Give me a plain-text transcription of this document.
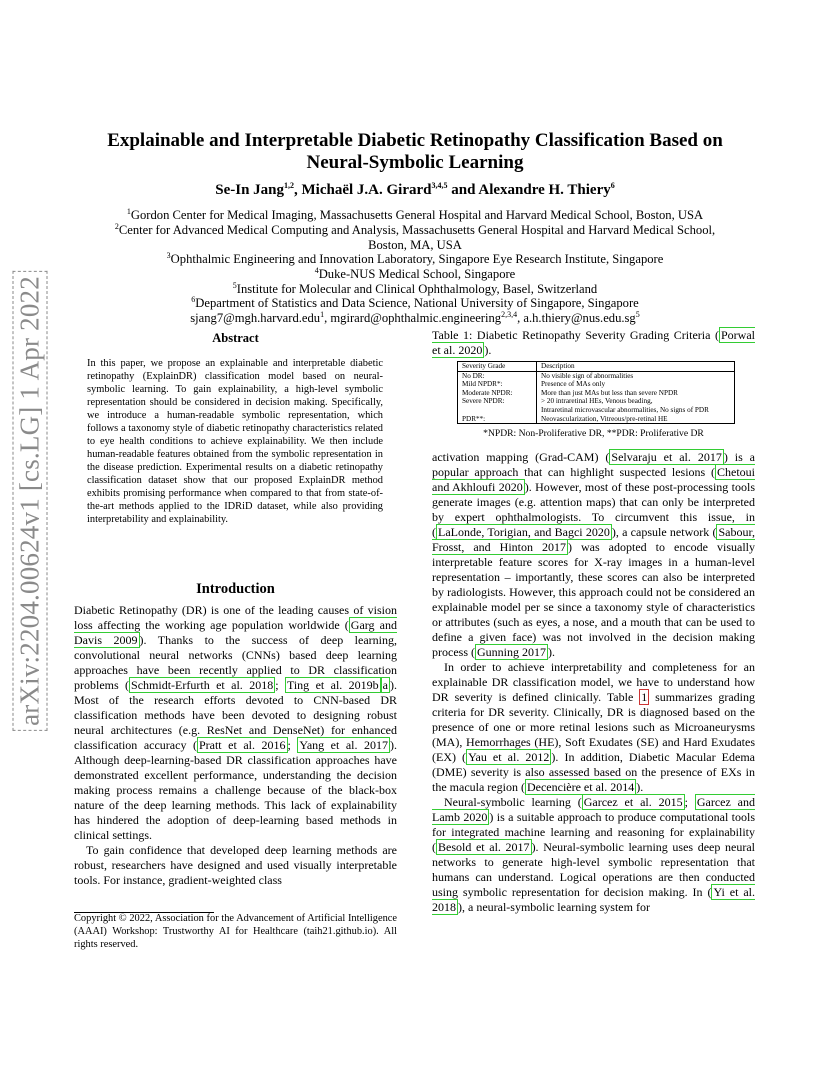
arXiv:2204.00624v1 [cs.LG] 1 Apr 2022
Explainable and Interpretable Diabetic Retinopathy Classification Based on Neural-Symbolic Learning
Se-In Jang$^{1,2}$, Michaël J.A. Girard$^{3,4,5}$ and Alexandre H. Thiery$^6$
$^1$Gordon Center for Medical Imaging, Massachusetts General Hospital and Harvard Medical School, Boston, USA
$^2$Center for Advanced Medical Computing and Analysis, Massachusetts General Hospital and Harvard Medical School, Boston, MA, USA
$^3$Ophthalmic Engineering and Innovation Laboratory, Singapore Eye Research Institute, Singapore
$^4$Duke-NUS Medical School, Singapore
$^5$Institute for Molecular and Clinical Ophthalmology, Basel, Switzerland
$^6$Department of Statistics and Data Science, National University of Singapore, Singapore
sjang7@mgh.harvard.edu$^1$, mgirard@ophthalmic.engineering$^{2,3,4}$, $a.h.thiery@nus.edu.sg^5$
Abstract
In this paper, we propose an explainable and interpretable diabetic retinopathy (ExplainDR) classification model based on neural-symbolic learning. To gain explainability, a high-level symbolic representation should be considered in decision making. Specifically, we introduce a human-readable symbolic representation, which follows a taxonomy style of diabetic retinopathy characteristics related to eye health conditions to achieve explainability. We then include human-readable features obtained from the symbolic representation in the disease prediction. Experimental results on a diabetic retinopathy classification dataset show that our proposed ExplainDR method exhibits promising performance when compared to that from state-of-the-art methods applied to the IDRiD dataset, while also providing interpretability and explainability.
Introduction

Diabetic Retinopathy (DR) is one of the leading causes of vision loss affecting the working age population worldwide ( Garg and Davis 2009 ). Thanks to the success of deep learning, convolutional neural networks (CNNs) based deep learning approaches have been recently applied to DR classification problems ( Schmidt-Erfurth et al. 2018 ; Ting et al. 2019b a ). Most of the research efforts devoted to CNN-based DR classification methods have been devoted to designing robust neural architectures (e.g. ResNet and DenseNet) for enhanced classification accuracy ( Pratt et al. 2016 ; Yang et al. 2017 ). Although deep-learning-based DR classification approaches have demonstrated excellent performance, understanding the decision making process remains a challenge because of the black-box nature of the deep learning methods. This lack of explainability has hindered the adoption of deep-learning based methods in clinical settings.

To gain confidence that developed deep learning methods are robust, researchers have designed and used visually interpretable tools. For instance, gradient-weighted class

Copyright © 2022, Association for the Advancement of Artificial Intelligence (AAAI) Workshop: Trustworthy AI for Healthcare (taih21.github.io). All rights reserved.
Table 1: Diabetic Retinopathy Severity Grading Criteria ( Porwal et al. 2020 ).
Severity Grade	Description
No DR:	No visible sign of abnormalities
Mild NPDR*:	Presence of MAs only
Moderate NPDR:	More than just MAs but less than severe NPDR
Severe NPDR:	> 20 intraretinal HEs, Venous beading,
	Intraretinal microvascular abnormalities, No signs of PDR
PDR**:	Neovascularization, Vitreous/pre-retinal HE
*NPDR: Non-Proliferative DR, **PDR: Proliferative DR

activation mapping (Grad-CAM) ( Selvaraju et al. 2017 ) is a popular approach that can highlight suspected lesions ( Chetoui and Akhloufi 2020 ). However, most of these post-processing tools generate images (e.g. attention maps) that can only be interpreted by expert ophthalmologists. To circumvent this issue, in ( LaLonde, Torigian, and Bagci 2020 ), a capsule network ( Sabour, Frosst, and Hinton 2017 ) was adopted to encode visually interpretable feature scores for X-ray images in a human-level representation – importantly, these scores can also be interpreted by radiologists. However, this approach could not be considered an explainable model per se since a taxonomy style of characteristics or attributes (such as eyes, a nose, and a mouth that can be used to define a given face) was not involved in the decision making process ( Gunning 2017 ).

In order to achieve interpretability and completeness for an explainable DR classification model, we have to understand how DR severity is defined clinically. Table 1 summarizes grading criteria for DR severity. Clinically, DR is diagnosed based on the presence of one or more retinal lesions such as Microaneurysms (MA), Hemorrhages (HE), Soft Exudates (SE) and Hard Exudates (EX) ( Yau et al. 2012 ). In addition, Diabetic Macular Edema (DME) severity is also assessed based on the presence of EXs in the macula region ( Decencière et al. 2014 ).

Neural-symbolic learning ( Garcez et al. 2015 ; Garcez and Lamb 2020 ) is a suitable approach to produce computational tools for integrated machine learning and reasoning for explainability ( Besold et al. 2017 ). Neural-symbolic learning uses deep neural networks to generate high-level symbolic representation that humans can understand. Logical operations are then conducted using symbolic representation for decision making. In ( Yi et al. 2018 ), a neural-symbolic learning system for
